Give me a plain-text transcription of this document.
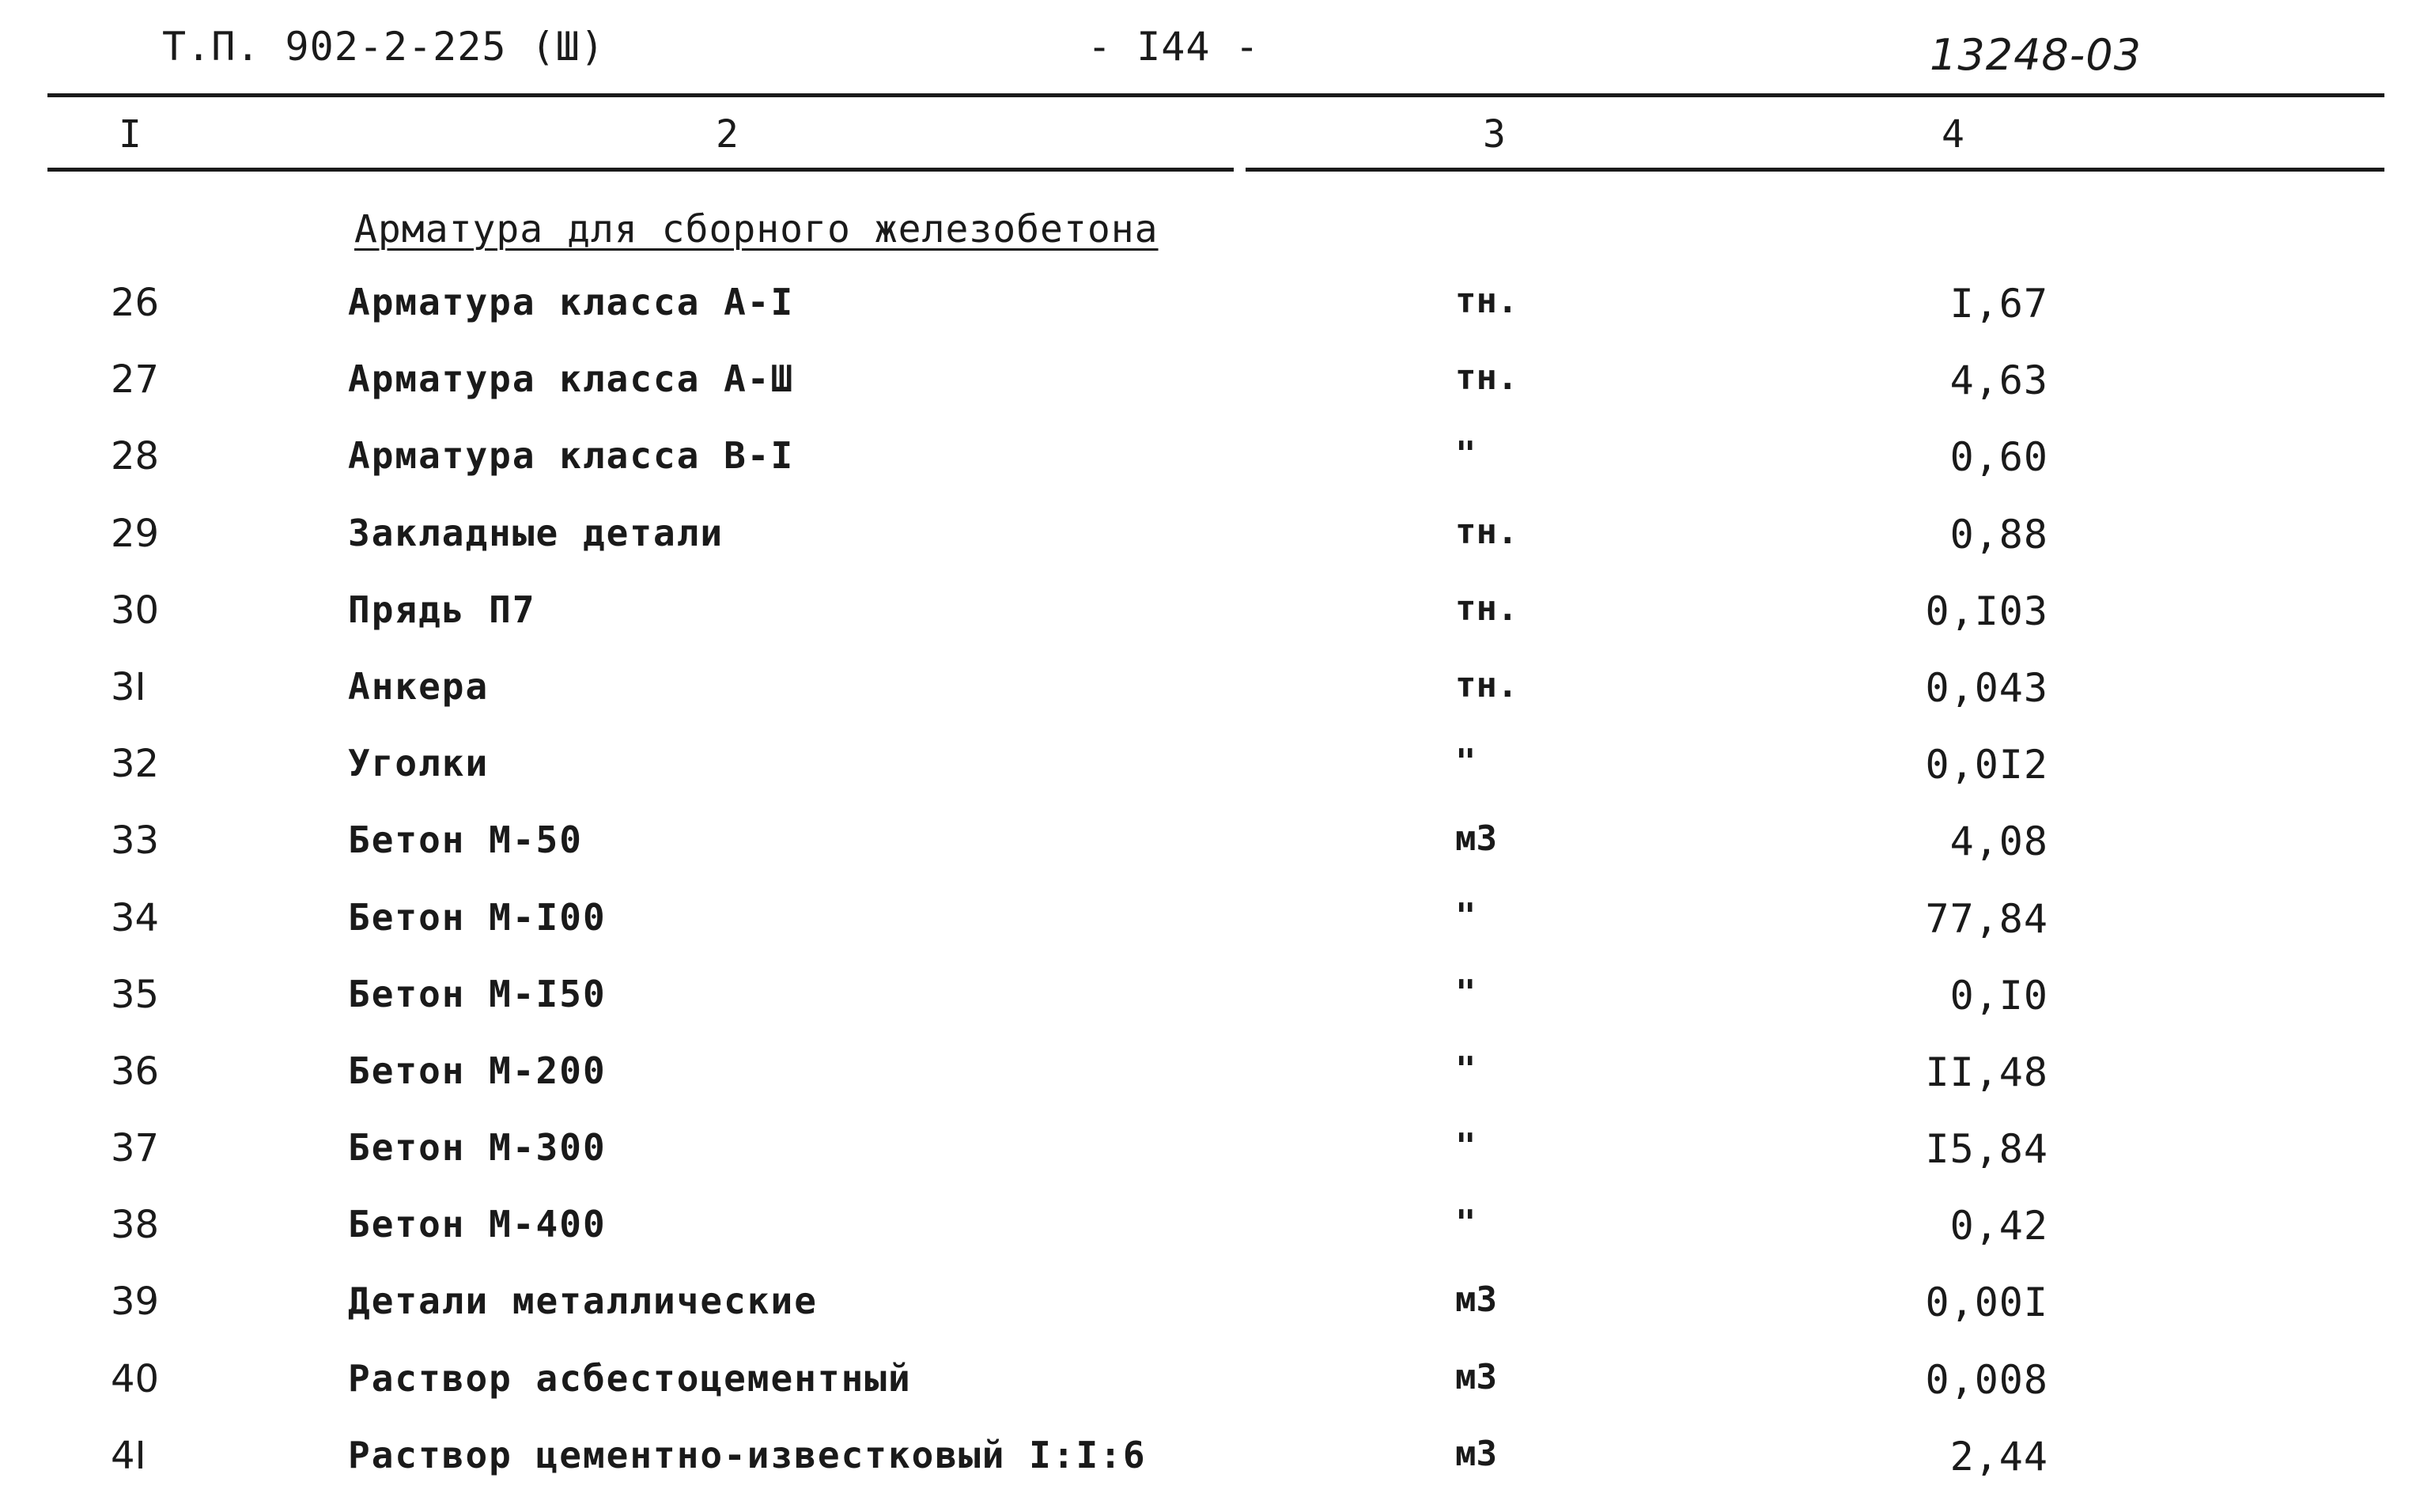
Т.П. 902-2-225 (Ш)	- I44 -	13248-03
I	2	3	4
Арматура для сборного железобетона
26	Арматура класса А-I	тн.	I,67
27	Арматура класса А-Ш	тн.	4,63
28	Арматура класса В-I	"	0,60
29	Закладные детали	тн.	0,88
30	Прядь П7	тн.	0,I03
3I	Анкера	тн.	0,043
32	Уголки	"	0,0I2
33	Бетон М-50	м3	4,08
34	Бетон М-I00	"	77,84
35	Бетон М-I50	"	0,I0
36	Бетон М-200	"	II,48
37	Бетон М-300	"	I5,84
38	Бетон М-400	"	0,42
39	Детали металлические	м3	0,00I
40	Раствор асбестоцементный	м3	0,008
4I	Раствор цементно-известковый I:I:6	м3	2,44
